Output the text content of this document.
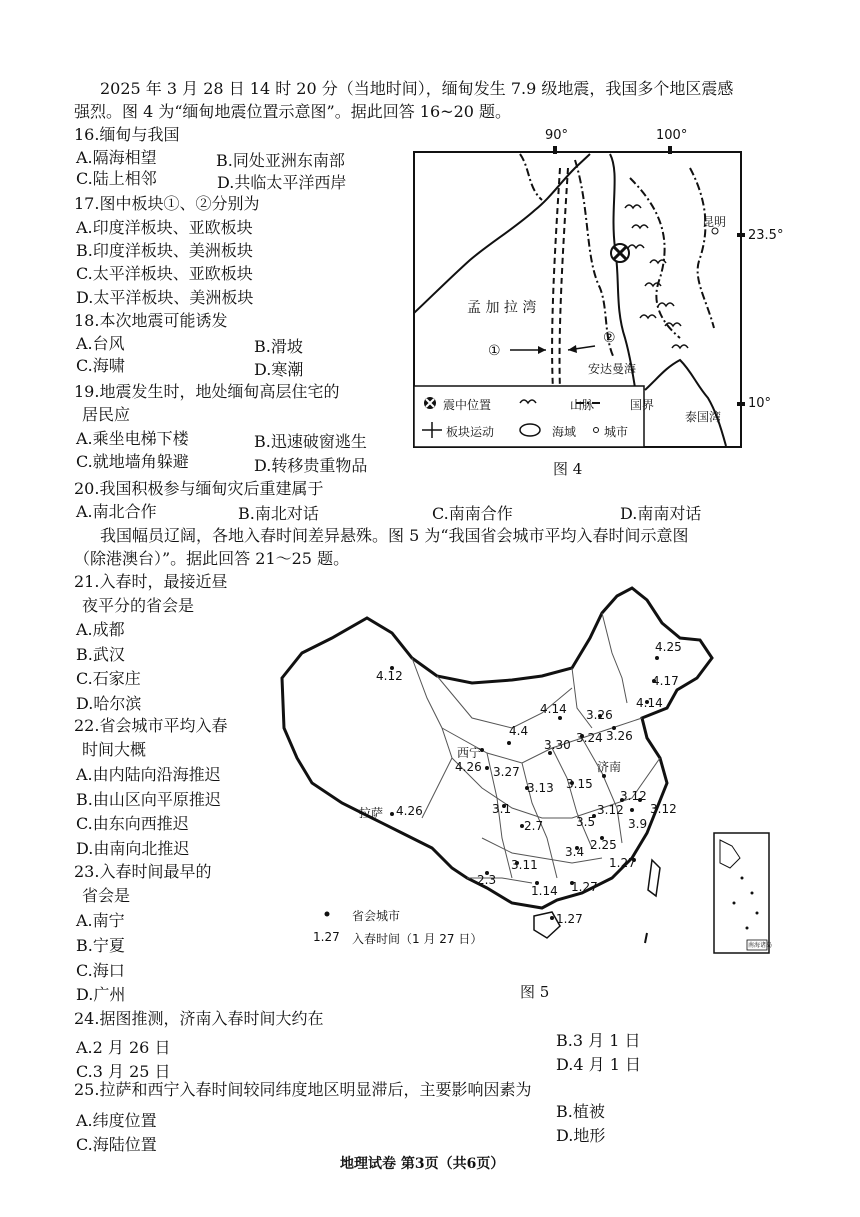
2025 年 3 月 28 日 14 时 20 分（当地时间），缅甸发生 7.9 级地震，我国多个地区震感
强烈。图 4 为“缅甸地震位置示意图”。据此回答 16~20 题。
16.缅甸与我国
A.隔海相望	B.同处亚洲东南部
C.陆上相邻	D.共临太平洋西岸
17.图中板块①、②分别为
A.印度洋板块、亚欧板块
B.印度洋板块、美洲板块
C.太平洋板块、亚欧板块
D.太平洋板块、美洲板块
18.本次地震可能诱发
A.台风	B.滑坡
C.海啸	D.寒潮
19.地震发生时，地处缅甸高层住宅的
居民应
A.乘坐电梯下楼	B.迅速破窗逃生
C.就地墙角躲避	D.转移贵重物品
20.我国积极参与缅甸灾后重建属于
A.南北合作	B.南北对话	C.南南合作	D.南南对话
我国幅员辽阔，各地入春时间差异悬殊。图 5 为“我国省会城市平均入春时间示意图
（除港澳台）”。据此回答 21～25 题。
21.入春时，最接近昼
夜平分的省会是
A.成都
B.武汉
C.石家庄
D.哈尔滨
22.省会城市平均入春
时间大概
A.由内陆向沿海推迟
B.由山区向平原推迟
C.由东向西推迟
D.由南向北推迟
23.入春时间最早的
省会是
A.南宁
B.宁夏
C.海口
D.广州
24.据图推测，济南入春时间大约在
A.2 月 26 日	B.3 月 1 日
C.3 月 25 日	D.4 月 1 日
25.拉萨和西宁入春时间较同纬度地区明显滞后，主要影响因素为
A.纬度位置	B.植被
C.海陆位置	D.地形
地理试卷 第3页（共6页）
90°	100°
23.5°
10°
昆明
孟 加 拉 湾
安达曼海
泰国湾
①
②
震中位置	山脉	国界
板块运动	海域 城市
图 4
4.25
4.17
4.14
4.12
4.14 3.26
3.26
3.24
4.4
3.30
西宁
4.26 3.27
3.13 3.15
济南
3.12
3.12 3.12
3.9
3.5
3.1
2.7
拉萨 4.26
3.4 2.25
1.27
3.11
2.3
1.14 1.27
1.27
省会城市
1.27 入春时间（1 月 27 日）	南海诸岛
图 5
